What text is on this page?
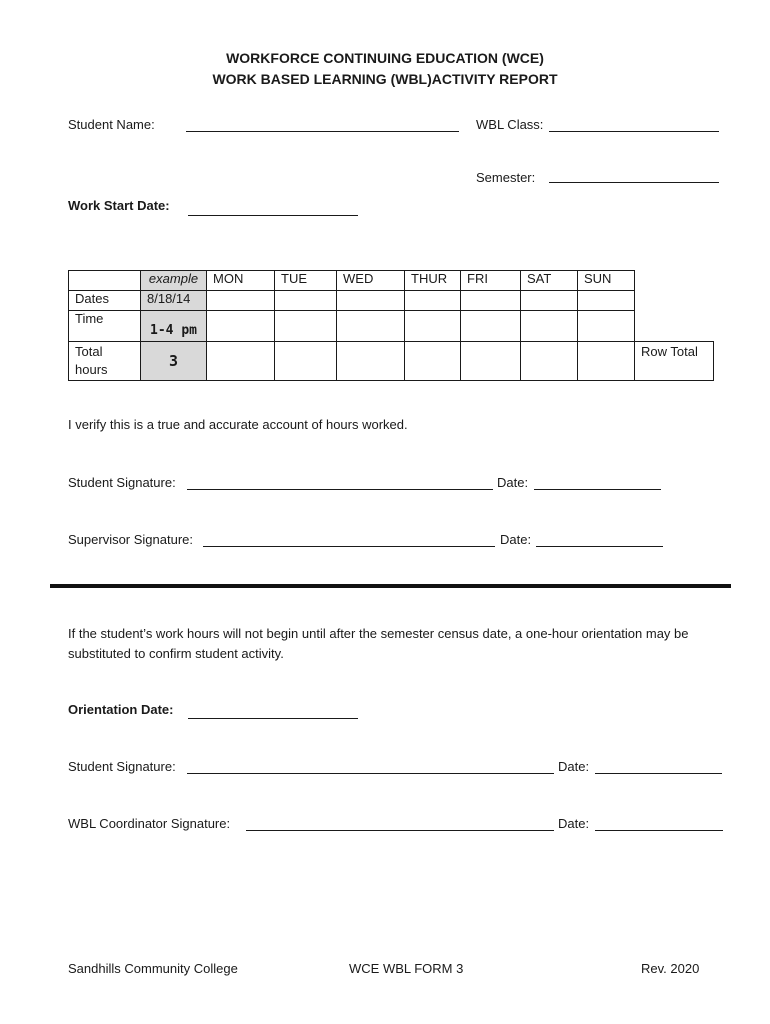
WORKFORCE CONTINUING EDUCATION (WCE)
WORK BASED LEARNING (WBL)ACTIVITY REPORT
Student Name:	WBL Class:
Semester:
Work Start Date:
	example	MON	TUE	WED	THUR	FRI	SAT	SUN	
Dates	8/18/14								
Time	1-4 pm								

Total
hours	3								Row Total
I verify this is a true and accurate account of hours worked.
Student Signature:	Date:
Supervisor Signature:	Date:
If the student’s work hours will not begin until after the semester census date, a one-hour orientation may be substituted to confirm student activity.
Orientation Date:
Student Signature:	Date:
WBL Coordinator Signature:	Date:
Sandhills Community College	WCE WBL FORM 3	Rev. 2020
